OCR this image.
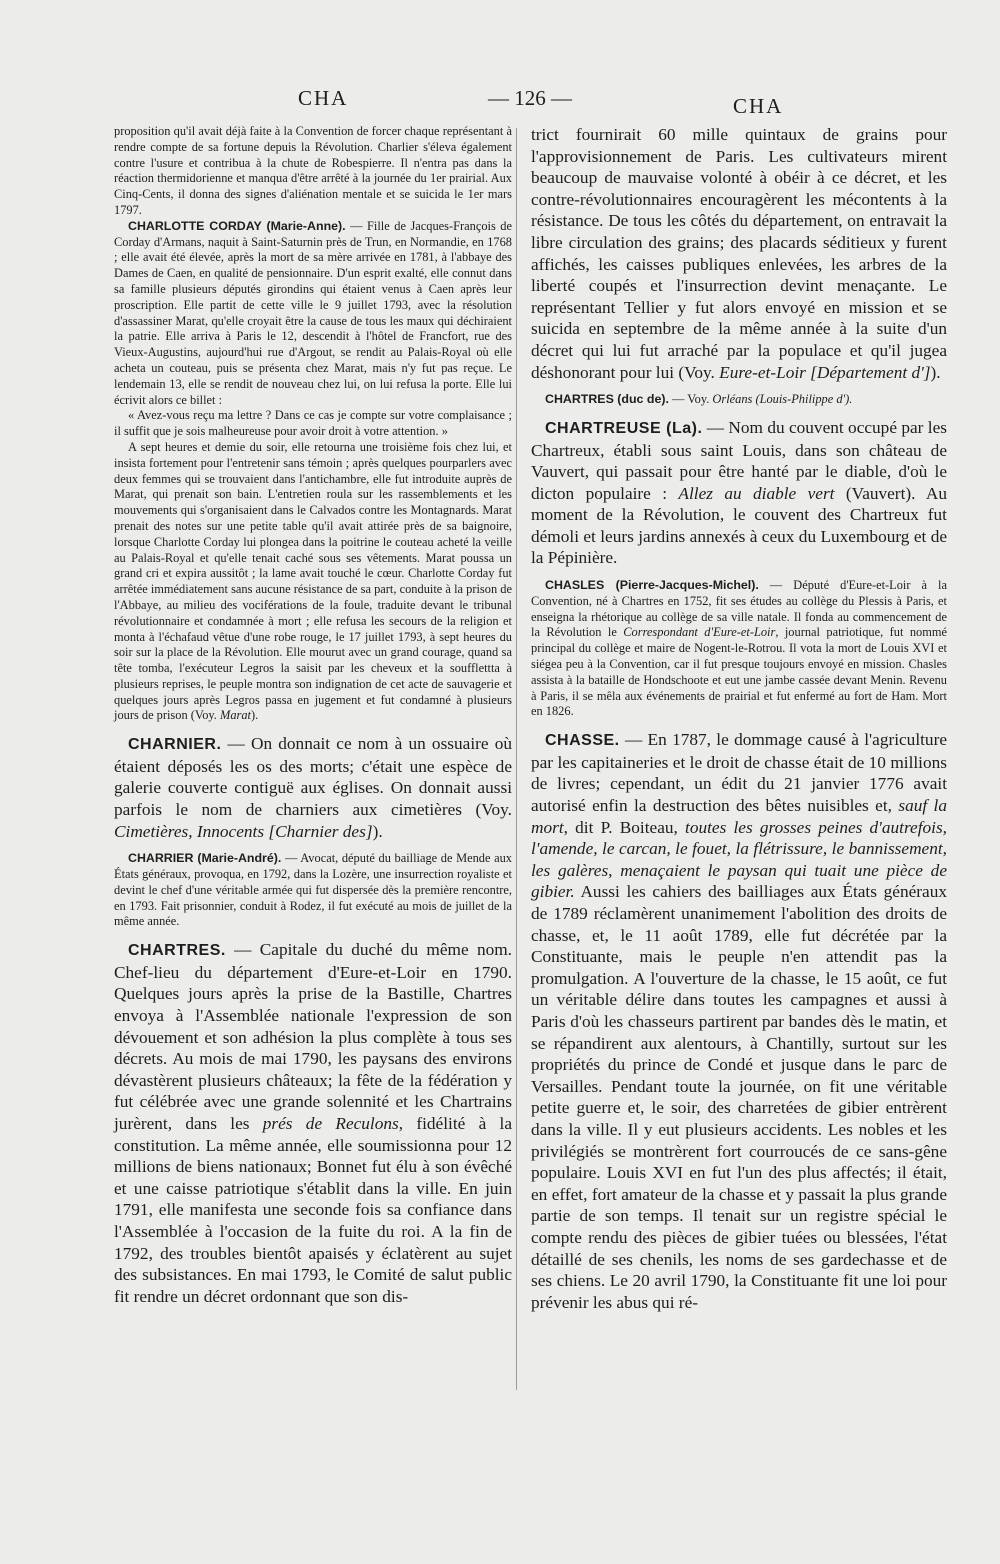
CHA	— 126 —	CHA

proposition qu'il avait déjà faite à la Convention de forcer chaque représentant à rendre compte de sa fortune depuis la Révolution. Charlier s'éleva également contre l'usure et contribua à la chute de Robespierre. Il n'entra pas dans la réaction thermidorienne et manqua d'être arrêté à la journée du 1er prairial. Aux Cinq-Cents, il donna des signes d'aliénation mentale et se suicida le 1er mars 1797.

CHARLOTTE CORDAY (Marie-Anne). — Fille de Jacques-François de Corday d'Armans, naquit à Saint-Saturnin près de Trun, en Normandie, en 1768 ; elle avait été élevée, après la mort de sa mère arrivée en 1781, à l'abbaye des Dames de Caen, en qualité de pensionnaire. D'un esprit exalté, elle connut dans sa famille plusieurs députés girondins qui étaient venus à Caen après leur proscription. Elle partit de cette ville le 9 juillet 1793, avec la résolution d'assassiner Marat, qu'elle croyait être la cause de tous les maux qui déchiraient la patrie. Elle arriva à Paris le 12, descendit à l'hôtel de Francfort, rue des Vieux-Augustins, aujourd'hui rue d'Argout, se rendit au Palais-Royal où elle acheta un couteau, puis se présenta chez Marat, mais n'y fut pas reçue. Le lendemain 13, elle se rendit de nouveau chez lui, on lui refusa la porte. Elle lui écrivit alors ce billet :

« Avez-vous reçu ma lettre ? Dans ce cas je compte sur votre complaisance ; il suffit que je sois malheureuse pour avoir droit à votre attention. »

A sept heures et demie du soir, elle retourna une troisième fois chez lui, et insista fortement pour l'entretenir sans témoin ; après quelques pourparlers avec deux femmes qui se trouvaient dans l'antichambre, elle fut introduite auprès de Marat, qui prenait son bain. L'entretien roula sur les rassemblements et les mouvements qui s'organisaient dans le Calvados contre les Montagnards. Marat prenait des notes sur une petite table qu'il avait attirée près de sa baignoire, lorsque Charlotte Corday lui plongea dans la poitrine le couteau acheté la veille au Palais-Royal et qu'elle tenait caché sous ses vêtements. Marat poussa un grand cri et expira aussitôt ; la lame avait touché le cœur. Charlotte Corday fut arrêtée immédiatement sans aucune résistance de sa part, conduite à la prison de l'Abbaye, au milieu des vociférations de la foule, traduite devant le tribunal révolutionnaire et condamnée à mort ; elle refusa les secours de la religion et monta à l'échafaud vêtue d'une robe rouge, le 17 juillet 1793, à sept heures du soir sur la place de la Révolution. Elle mourut avec un grand courage, quand sa tête tomba, l'exécuteur Legros la saisit par les cheveux et la soufflettta à plusieurs reprises, le peuple montra son indignation de cet acte de sauvagerie et quelques jours après Legros passa en jugement et fut condamné à plusieurs jours de prison (Voy. Marat).

CHARNIER. — On donnait ce nom à un ossuaire où étaient déposés les os des morts; c'était une espèce de galerie couverte contiguë aux églises. On donnait aussi parfois le nom de charniers aux cimetières (Voy. Cimetières, Innocents [Charnier des]).

CHARRIER (Marie-André). — Avocat, député du bailliage de Mende aux États généraux, provoqua, en 1792, dans la Lozère, une insurrection royaliste et devint le chef d'une véritable armée qui fut dispersée dès la première rencontre, en 1793. Fait prisonnier, conduit à Rodez, il fut exécuté au mois de juillet de la même année.

CHARTRES. — Capitale du duché du même nom. Chef-lieu du département d'Eure-et-Loir en 1790. Quelques jours après la prise de la Bastille, Chartres envoya à l'Assemblée nationale l'expression de son dévouement et son adhésion la plus complète à tous ses décrets. Au mois de mai 1790, les paysans des environs dévastèrent plusieurs châteaux; la fête de la fédération y fut célébrée avec une grande solennité et les Chartrains jurèrent, dans les prés de Reculons, fidélité à la constitution. La même année, elle soumissionna pour 12 millions de biens nationaux; Bonnet fut élu à son évêché et une caisse patriotique s'établit dans la ville. En juin 1791, elle manifesta une seconde fois sa confiance dans l'Assemblée à l'occasion de la fuite du roi. A la fin de 1792, des troubles bientôt apaisés y éclatèrent au sujet des subsistances. En mai 1793, le Comité de salut public fit rendre un décret ordonnant que son dis-

trict fournirait 60 mille quintaux de grains pour l'approvisionnement de Paris. Les cultivateurs mirent beaucoup de mauvaise volonté à obéir à ce décret, et les contre-révolutionnaires encouragèrent les mécontents à la résistance. De tous les côtés du département, on entravait la libre circulation des grains; des placards séditieux y furent affichés, les caisses publiques enlevées, les arbres de la liberté coupés et l'insurrection devint menaçante. Le représentant Tellier y fut alors envoyé en mission et se suicida en septembre de la même année à la suite d'un décret qui lui fut arraché par la populace et qu'il jugea déshonorant pour lui (Voy. Eure-et-Loir [Département d']).

CHARTRES (duc de). — Voy. Orléans (Louis-Philippe d').

CHARTREUSE (La). — Nom du couvent occupé par les Chartreux, établi sous saint Louis, dans son château de Vauvert, qui passait pour être hanté par le diable, d'où le dicton populaire : Allez au diable vert (Vauvert). Au moment de la Révolution, le couvent des Chartreux fut démoli et leurs jardins annexés à ceux du Luxembourg et de la Pépinière.

CHASLES (Pierre-Jacques-Michel). — Député d'Eure-et-Loir à la Convention, né à Chartres en 1752, fit ses études au collège du Plessis à Paris, et enseigna la rhétorique au collège de sa ville natale. Il fonda au commencement de la Révolution le Correspondant d'Eure-et-Loir, journal patriotique, fut nommé principal du collège et maire de Nogent-le-Rotrou. Il vota la mort de Louis XVI et siégea peu à la Convention, car il fut presque toujours envoyé en mission. Chasles assista à la bataille de Hondschoote et eut une jambe cassée devant Menin. Revenu à Paris, il se mêla aux événements de prairial et fut enfermé au fort de Ham. Mort en 1826.

CHASSE. — En 1787, le dommage causé à l'agriculture par les capitaineries et le droit de chasse était de 10 millions de livres; cependant, un édit du 21 janvier 1776 avait autorisé enfin la destruction des bêtes nuisibles et, sauf la mort, dit P. Boiteau, toutes les grosses peines d'autrefois, l'amende, le carcan, le fouet, la flétrissure, le bannissement, les galères, menaçaient le paysan qui tuait une pièce de gibier. Aussi les cahiers des bailliages aux États généraux de 1789 réclamèrent unanimement l'abolition des droits de chasse, et, le 11 août 1789, elle fut décrétée par la Constituante, mais le peuple n'en attendit pas la promulgation. A l'ouverture de la chasse, le 15 août, ce fut un véritable délire dans toutes les campagnes et aussi à Paris d'où les chasseurs partirent par bandes dès le matin, et se répandirent aux alentours, à Chantilly, surtout sur les propriétés du prince de Condé et jusque dans le parc de Versailles. Pendant toute la journée, on fit une véritable petite guerre et, le soir, des charretées de gibier entrèrent dans la ville. Il y eut plusieurs accidents. Les nobles et les privilégiés se montrèrent fort courroucés de ce sans-gêne populaire. Louis XVI en fut l'un des plus affectés; il était, en effet, fort amateur de la chasse et y passait la plus grande partie de son temps. Il tenait sur un registre spécial le compte rendu des pièces de gibier tuées ou blessées, l'état détaillé de ses chenils, les noms de ses gardechasse et de ses chiens. Le 20 avril 1790, la Constituante fit une loi pour prévenir les abus qui ré-
